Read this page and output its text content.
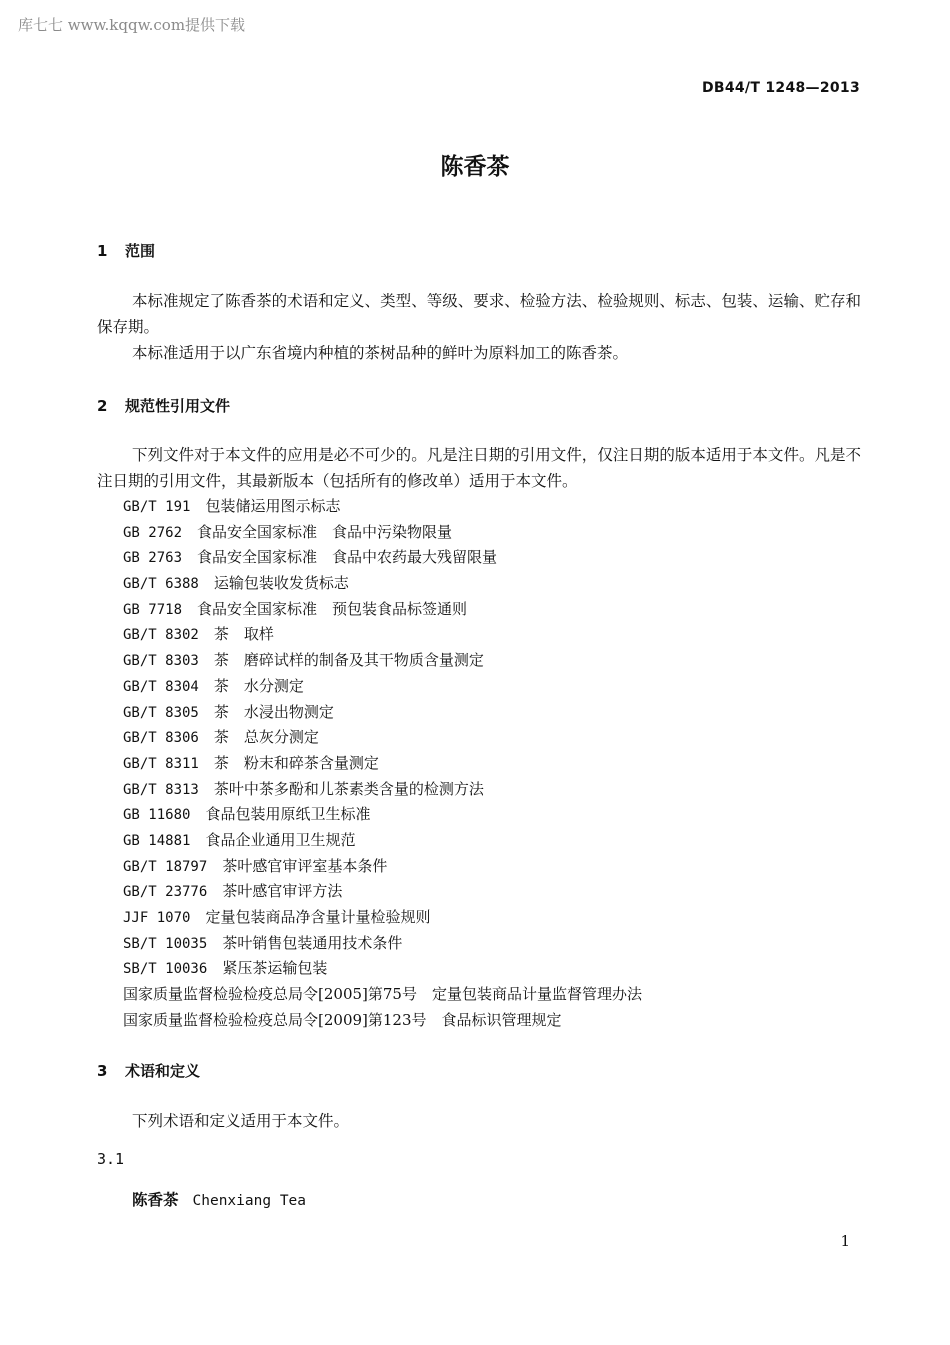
库七七 www.kqqw.com提供下载
DB44/T 1248—2013
陈香茶
1 范围

本标准规定了陈香茶的术语和定义、类型、等级、要求、检验方法、检验规则、标志、包装、运输、贮存和保存期。

本标准适用于以广东省境内种植的茶树品种的鲜叶为原料加工的陈香茶。

2 规范性引用文件

下列文件对于本文件的应用是必不可少的。凡是注日期的引用文件，仅注日期的版本适用于本文件。凡是不注日期的引用文件，其最新版本（包括所有的修改单）适用于本文件。

GB/T 191　 包装储运用图示标志
GB 2762　 食品安全国家标准　食品中污染物限量
GB 2763　 食品安全国家标准　食品中农药最大残留限量
GB/T 6388　 运输包装收发货标志
GB 7718　 食品安全国家标准　预包装食品标签通则
GB/T 8302　 茶　取样
GB/T 8303　 茶　磨碎试样的制备及其干物质含量测定
GB/T 8304　 茶　水分测定
GB/T 8305　 茶　水浸出物测定
GB/T 8306　 茶　总灰分测定
GB/T 8311　 茶　粉末和碎茶含量测定
GB/T 8313　 茶叶中茶多酚和儿茶素类含量的检测方法
GB 11680　 食品包装用原纸卫生标准
GB 14881　 食品企业通用卫生规范
GB/T 18797　 茶叶感官审评室基本条件
GB/T 23776　 茶叶感官审评方法
JJF 1070　 定量包装商品净含量计量检验规则
SB/T 10035　 茶叶销售包装通用技术条件
SB/T 10036　 紧压茶运输包装
国家质量监督检验检疫总局令[2005]第75号　 定量包装商品计量监督管理办法
国家质量监督检验检疫总局令[2009]第123号　 食品标识管理规定
3 术语和定义

下列术语和定义适用于本文件。

3.1
陈香茶 Chenxiang Tea
1
